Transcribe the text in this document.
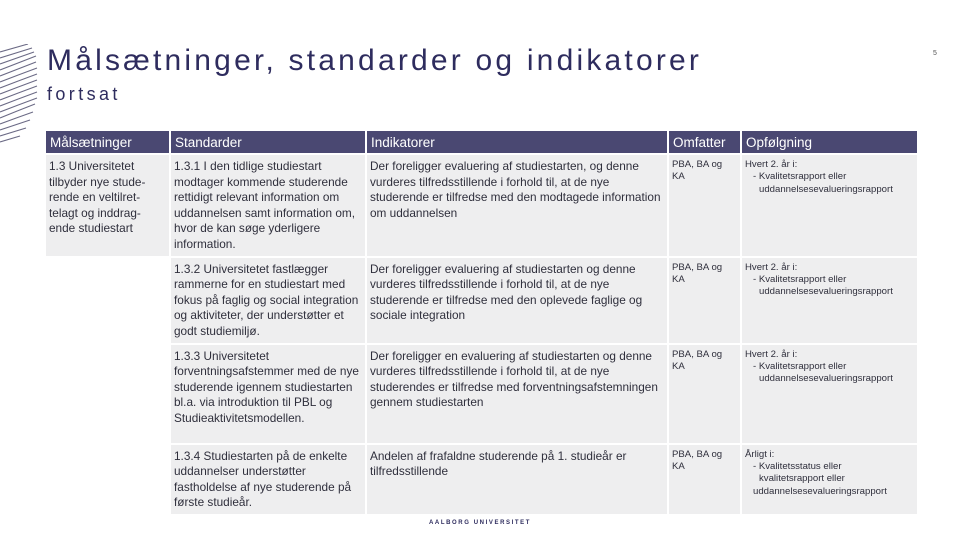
Målsætninger, standarder og indikatorer
fortsat
5
Målsætninger	Standarder	Indikatorer	Omfatter	Opfølgning
1.3 Universitetet tilbyder nye stude-rende en veltilret-telagt og inddrag-ende studiestart	1.3.1 I den tidlige studiestart modtager kommende studerende rettidigt relevant information om uddannelsen samt information om, hvor de kan søge yderligere information.	Der foreligger evaluering af studiestarten, og denne vurderes tilfredsstillende i forhold til, at de nye studerende er tilfredse med den modtagede information om uddannelsen	PBA, BA og KA	Hvert 2. år i:
- Kvalitetsrapport eller
uddannelsesevalueringsrapport

	1.3.2 Universitetet fastlægger rammerne for en studiestart med fokus på faglig og social integration og aktiviteter, der understøtter et godt studiemiljø.	Der foreligger evaluering af studiestarten og denne vurderes tilfredsstillende i forhold til, at de nye studerende er tilfredse med den oplevede faglige og sociale integration	PBA, BA og KA	Hvert 2. år i:
- Kvalitetsrapport eller
uddannelsesevalueringsrapport

	1.3.3 Universitetet forventningsafstemmer med de nye studerende igennem studiestarten bl.a. via introduktion til PBL og Studieaktivitetsmodellen.	Der foreligger en evaluering af studiestarten og denne vurderes tilfredsstillende i forhold til, at de nye studerendes er tilfredse med forventningsafstemningen gennem studiestarten	PBA, BA og KA	Hvert 2. år i:
- Kvalitetsrapport eller
uddannelsesevalueringsrapport

	1.3.4 Studiestarten på de enkelte uddannelser understøtter fastholdelse af nye studerende på første studieår.	Andelen af frafaldne studerende på 1. studieår er tilfredsstillende	PBA, BA og KA	Årligt i:
- Kvalitetsstatus eller
kvalitetsrapport eller
uddannelsesevalueringsrapport
AALBORG UNIVERSITET
